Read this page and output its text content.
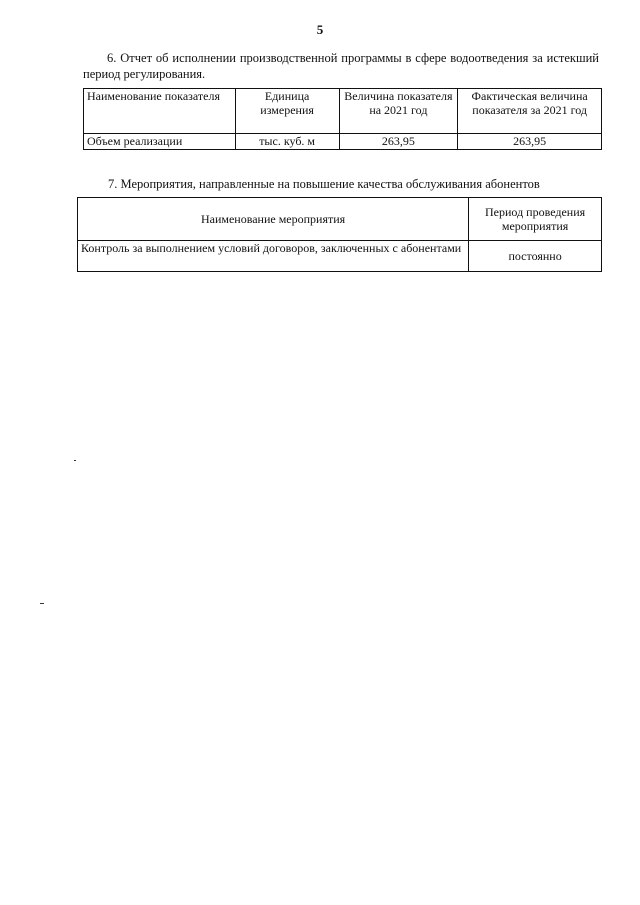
5

6. Отчет об исполнении производственной программы в сфере водоотведения за истекший период регулирования.

Наименование показателя	Единица измерения	Величина показателя на 2021 год	Фактическая величина показателя за 2021 год
Объем реализации	тыс. куб. м	263,95	263,95
7. Мероприятия, направленные на повышение качества обслуживания абонентов
Наименование мероприятия	Период проведения мероприятия
Контроль за выполнением условий договоров, заключенных с абонентами	постоянно
